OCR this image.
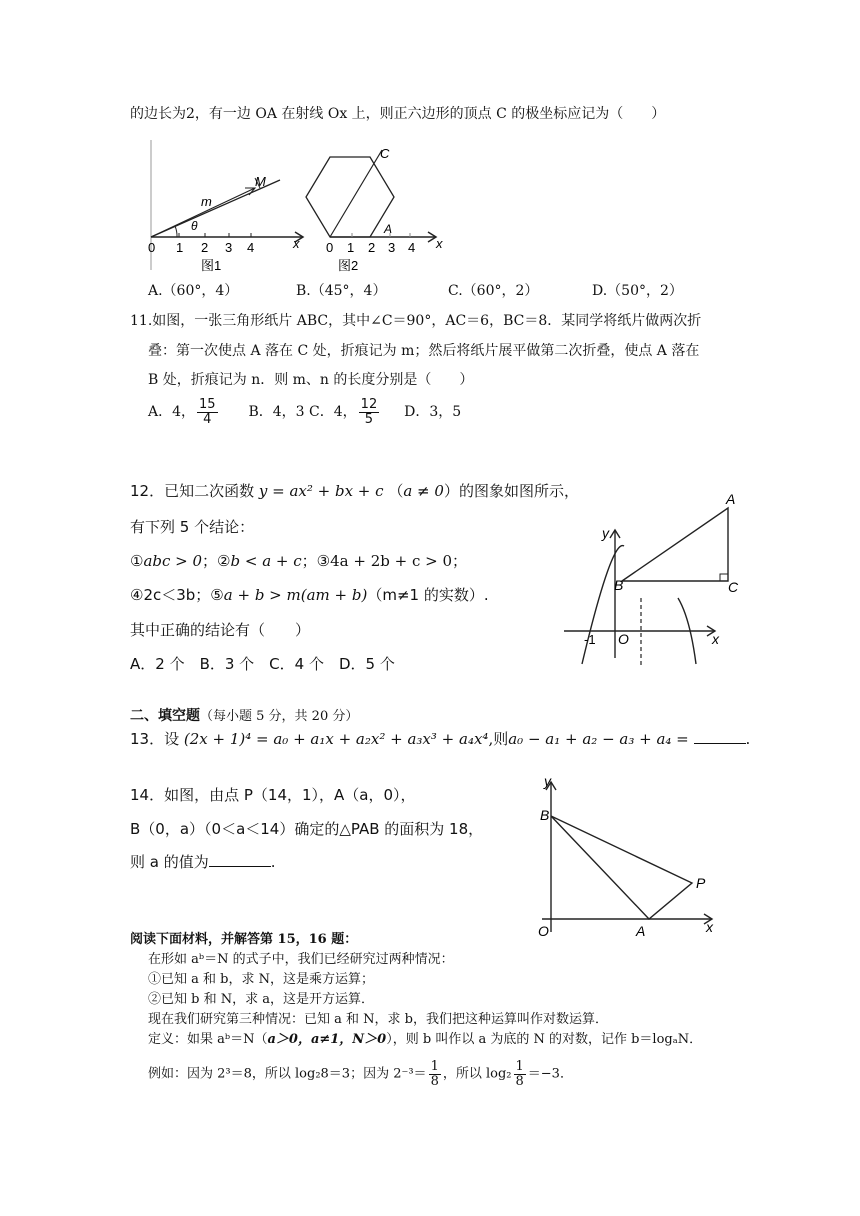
的边长为2，有一边 OA 在射线 Ox 上，则正六边形的顶点 C 的极坐标应记为（　　）
θ
m
M
x
0 1 2 3 4
图1
C
A
x
0 1 2 3 4
图2
A.（60°，4）	B.（45°，4）	C.（60°，2）	D.（50°，2）
11.如图，一张三角形纸片 ABC，其中∠C＝90°，AC＝6，BC＝8．某同学将纸片做两次折
叠：第一次使点 A 落在 C 处，折痕记为 m；然后将纸片展平做第二次折叠，使点 A 落在
B 处，折痕记为 n．则 m、n 的长度分别是（　　）
A．4， $\frac{15}{4}$ B．4，3 C．4， $\frac{12}{5}$ D．3，5
12．已知二次函数 y = ax² + bx + c （a ≠ 0）的图象如图所示，
有下列 5 个结论：
①abc > 0；②b < a + c；③4a + 2b + c > 0；
④2c＜3b；⑤a + b > m(am + b)（m≠1 的实数）.
其中正确的结论有（　　）
A．2 个　B．3 个　C．4 个　D．5 个
A
B	C
y
x
O
-1
二、填空题（每小题 5 分，共 20 分）
13．设 (2x + 1)⁴ = a₀ + a₁x + a₂x² + a₃x³ + a₄x⁴,则a₀ − a₁ + a₂ − a₃ + a₄ =	.
14．如图，由点 P（14，1），A（a，0），
B（0，a）（0＜a＜14）确定的△PAB 的面积为 18，
则 a 的值为	.
y
x
B
P
O	A
阅读下面材料，并解答第 15，16 题：
在形如 aᵇ＝N 的式子中，我们已经研究过两种情况：
①已知 a 和 b，求 N，这是乘方运算；
②已知 b 和 N，求 a，这是开方运算．
现在我们研究第三种情况：已知 a 和 N，求 b，我们把这种运算叫作对数运算．
定义：如果 aᵇ＝N（a＞0，a≠1，N＞0），则 b 叫作以 a 为底的 N 的对数，记作 b＝logₐN．
例如：因为 2³＝8，所以 log₂8＝3；因为 $2^{-3}= \frac{1}{8}$ ，所以 $\log_2 \frac{1}{8} =-3$．
